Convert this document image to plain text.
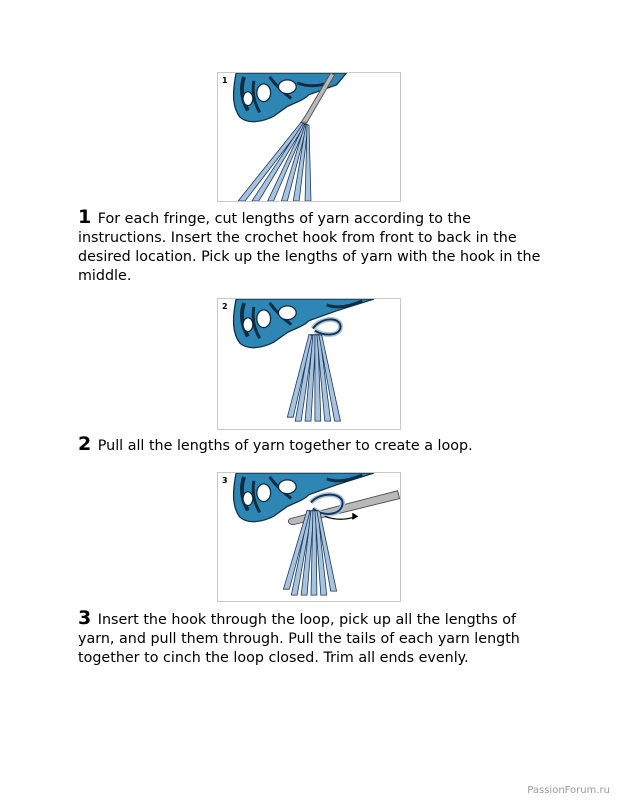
1
1 For each fringe, cut lengths of yarn according to the instructions. Insert the crochet hook from front to back in the desired location. Pick up the lengths of yarn with the hook in the middle.
2
2 Pull all the lengths of yarn together to create a loop.
3
3 Insert the hook through the loop, pick up all the lengths of yarn, and pull them through. Pull the tails of each yarn length together to cinch the loop closed. Trim all ends evenly.
PassionForum.ru
